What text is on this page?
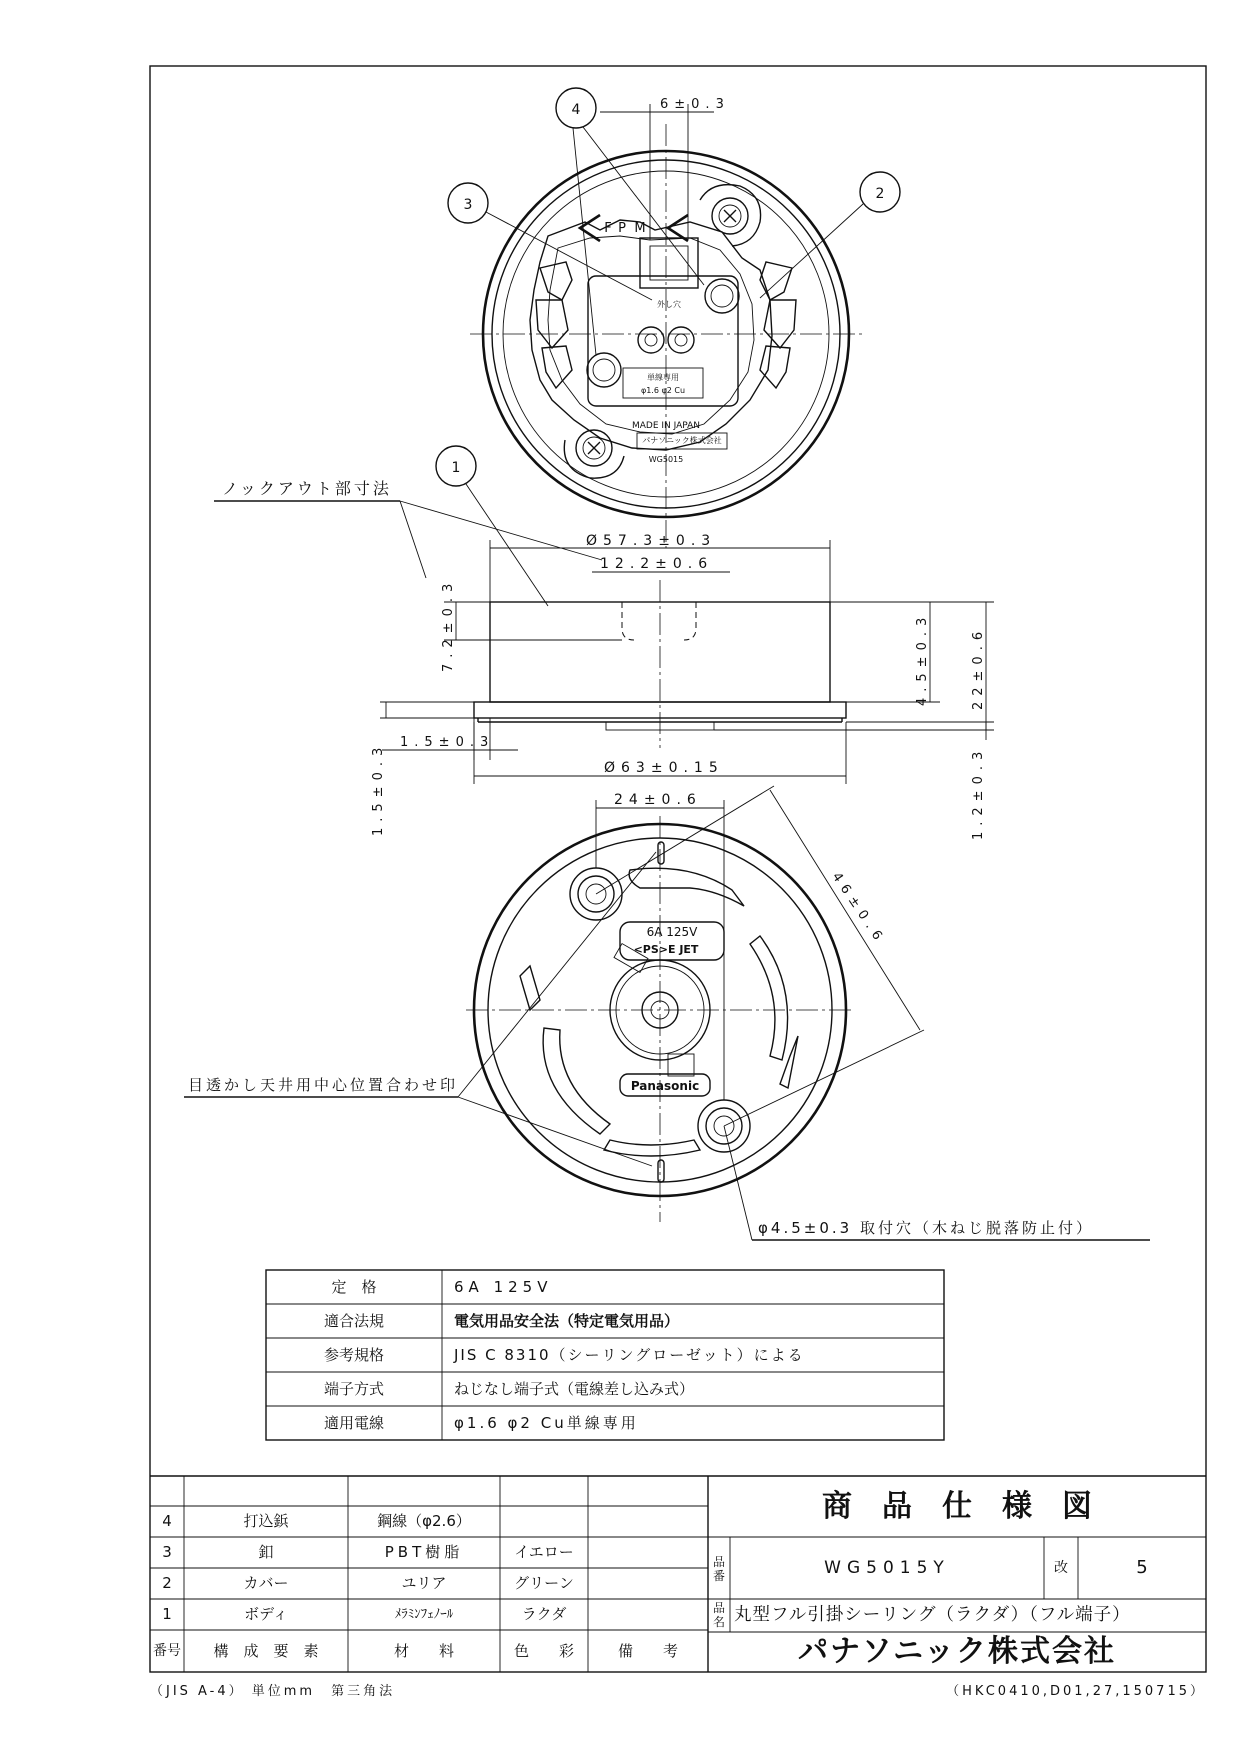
M
P
F
MADE IN JAPAN
パナソニック株式会社
WG5015
単線専用
φ1.6 φ2 Cu
外し穴
4
3
2
1
6±0.3
ノックアウト部寸法
Ø57.3±0.3
12.2±0.6
7.2±0.3	4.5±0.3	22±0.6
1.5±0.3
1.5±0.3	Ø63±0.15	1.2±0.3
6A 125V
<PS>E JET
Panasonic
24±0.6
46±0.6
目透かし天井用中心位置合わせ印
φ4.5±0.3 取付穴（木ねじ脱落防止付）
定　格	6A 125V
適合法規	電気用品安全法（特定電気用品）
参考規格	JIS C 8310（シーリングローゼット）による
端子方式	ねじなし端子式（電線差し込み式）
適用電線	φ1.6 φ2 Cu単線専用
4	打込鋲	鋼線（φ2.6）
3	釦	PBT樹脂	イエロー
2	カバー	ユリア	グリーン
1	ボディ	ﾒﾗﾐﾝﾌｪﾉｰﾙ	ラクダ
番号	構　成　要　素	材　　料	色　　彩	備　　考
商　品　仕　様　図
品番	WG5015Y	改	5
品名 丸型フル引掛シーリング（ラクダ）（フル端子）
パナソニック株式会社
（JIS A-4） 単位mm　第三角法	（HKC0410,D01,27,150715）
